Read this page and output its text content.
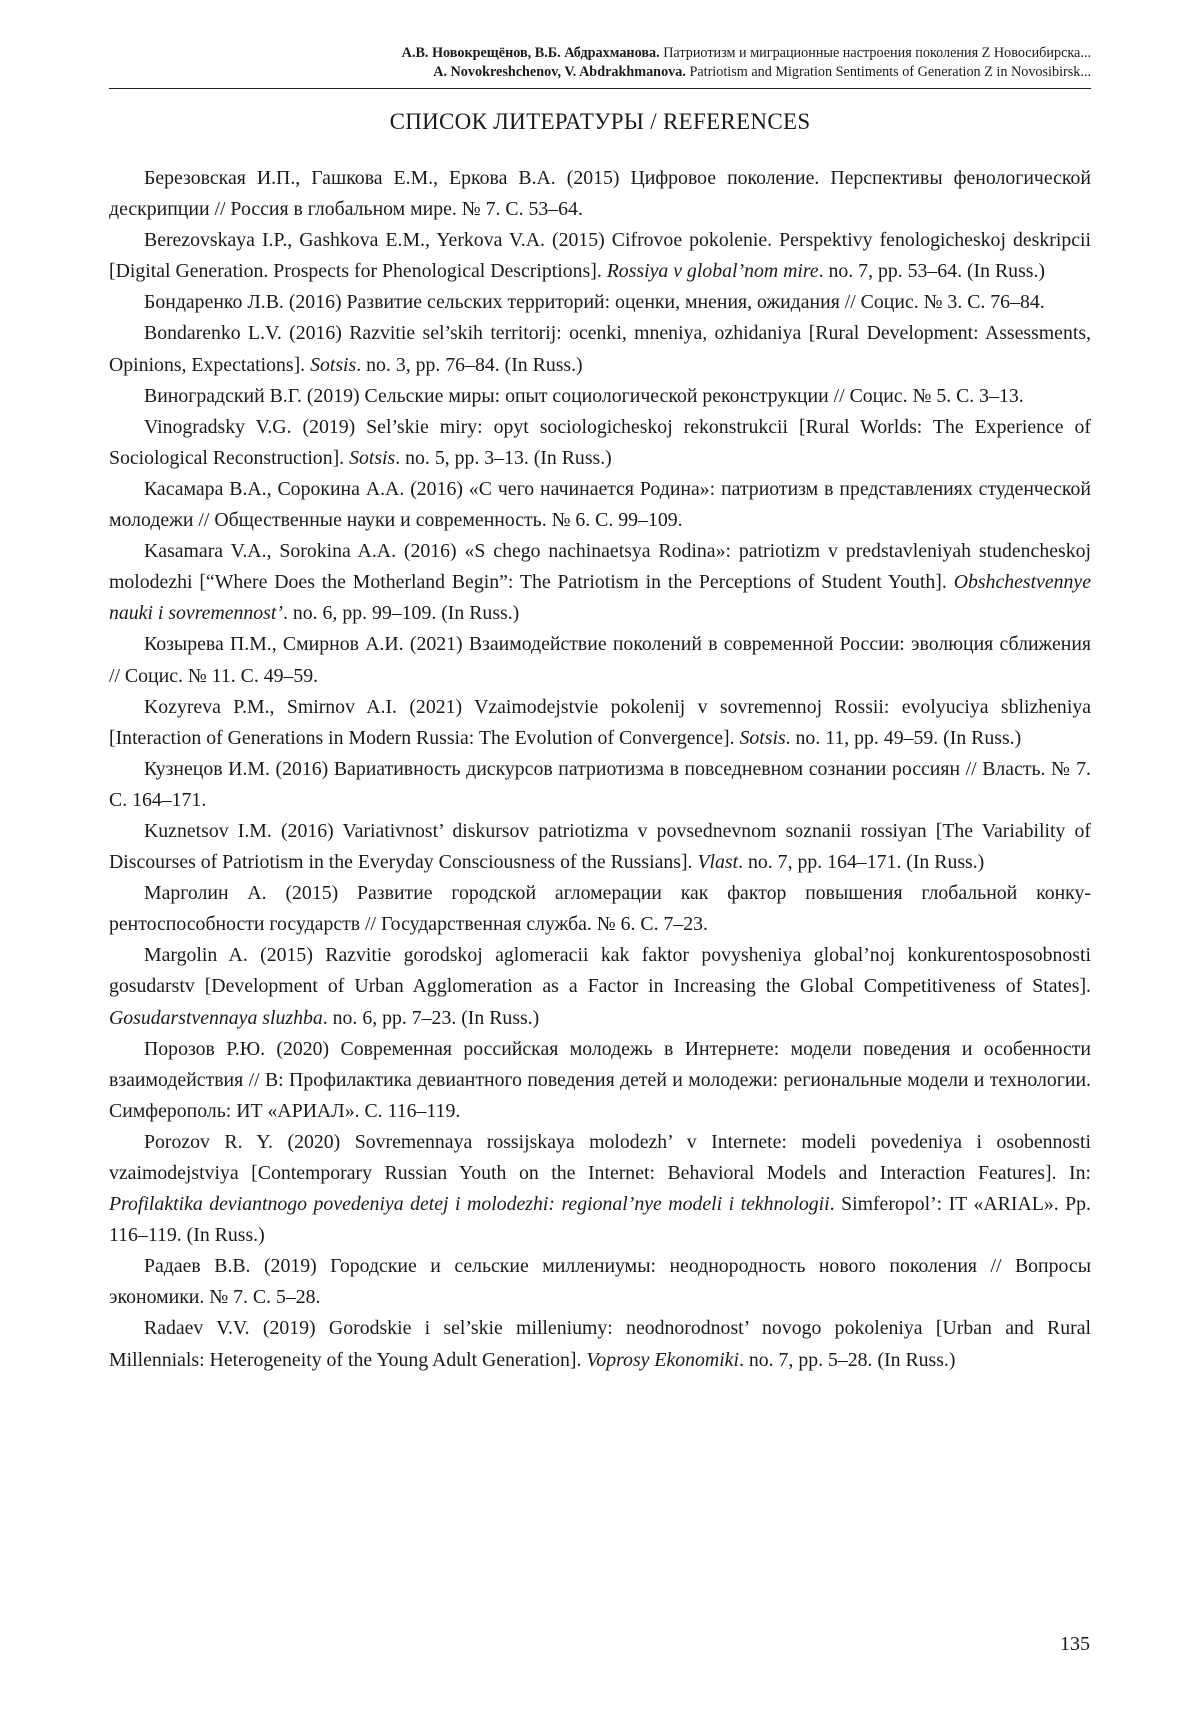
А.В. Новокрещёнов, В.Б. Абдрахманова. Патриотизм и миграционные настроения поколения Z Новосибирска...
A. Novokreshchenov, V. Abdrakhmanova. Patriotism and Migration Sentiments of Generation Z in Novosibirsk...
СПИСОК ЛИТЕРАТУРЫ / REFERENCES

Березовская И.П., Гашкова Е.М., Еркова В.А. (2015) Цифровое поколение. Перспективы фенологической дескрипции // Россия в глобальном мире. № 7. С. 53–64.

Berezovskaya I.P., Gashkova E.M., Yerkova V.A. (2015) Cifrovoe pokolenie. Perspektivy fenologicheskoj deskripcii [Digital Generation. Prospects for Phenological Descriptions]. Rossiya v global’nom mire. no. 7, pp. 53–64. (In Russ.)

Бондаренко Л.В. (2016) Развитие сельских территорий: оценки, мнения, ожидания // Социс. № 3. С. 76–84.

Bondarenko L.V. (2016) Razvitie sel’skih territorij: ocenki, mneniya, ozhidaniya [Rural Development: Assessments, Opinions, Expectations]. Sotsis. no. 3, pp. 76–84. (In Russ.)

Виноградский В.Г. (2019) Сельские миры: опыт социологической реконструкции // Социс. № 5. С. 3–13.

Vinogradsky V.G. (2019) Sel’skie miry: opyt sociologicheskoj rekonstrukcii [Rural Worlds: The Experience of Sociological Reconstruction]. Sotsis. no. 5, pp. 3–13. (In Russ.)

Касамара В.А., Сорокина А.А. (2016) «С чего начинается Родина»: патриотизм в представлениях студенческой молодежи // Общественные науки и современность. № 6. С. 99–109.

Kasamara V.A., Sorokina A.A. (2016) «S chego nachinaetsya Rodina»: patriotizm v predstavleniyah studencheskoj molodezhi [“Where Does the Motherland Begin”: The Patriotism in the Perceptions of Student Youth]. Obshchestvennye nauki i sovremennost’. no. 6, pp. 99–109. (In Russ.)

Козырева П.М., Смирнов А.И. (2021) Взаимодействие поколений в современной России: эволюция сближения // Социс. № 11. С. 49–59.

Kozyreva P.M., Smirnov A.I. (2021) Vzaimodejstvie pokolenij v sovremennoj Rossii: evolyuciya sblizheniya [Interaction of Generations in Modern Russia: The Evolution of Convergence]. Sotsis. no. 11, pp. 49–59. (In Russ.)

Кузнецов И.М. (2016) Вариативность дискурсов патриотизма в повседневном сознании россиян // Власть. № 7. С. 164–171.

Kuznetsov I.M. (2016) Variativnost’ diskursov patriotizma v povsednevnom soznanii rossiyan [The Variability of Discourses of Patriotism in the Everyday Consciousness of the Russians]. Vlast. no. 7, pp. 164–171. (In Russ.)

Марголин А. (2015) Развитие городской агломерации как фактор повышения глобальной конкурентоспособности государств // Государственная служба. № 6. С. 7–23.

Margolin A. (2015) Razvitie gorodskoj aglomeracii kak faktor povysheniya global’noj konkurentosposobnosti gosudarstv [Development of Urban Agglomeration as a Factor in Increasing the Global Competitiveness of States]. Gosudarstvennaya sluzhba. no. 6, pp. 7–23. (In Russ.)

Порозов Р.Ю. (2020) Современная российская молодежь в Интернете: модели поведения и особенности взаимодействия // В: Профилактика девиантного поведения детей и молодежи: региональные модели и технологии. Симферополь: ИТ «АРИАЛ». С. 116–119.

Porozov R. Y. (2020) Sovremennaya rossijskaya molodezh’ v Internete: modeli povedeniya i osobennosti vzaimodejstviya [Contemporary Russian Youth on the Internet: Behavioral Models and Interaction Features]. In: Profilaktika deviantnogo povedeniya detej i molodezhi: regional’nye modeli i tekhnologii. Simferopol’: IT «ARIAL». Pp. 116–119. (In Russ.)

Радаев В.В. (2019) Городские и сельские миллениумы: неоднородность нового поколения // Вопросы экономики. № 7. С. 5–28.

Radaev V.V. (2019) Gorodskie i sel’skie milleniumy: neodnorodnost’ novogo pokoleniya [Urban and Rural Millennials: Heterogeneity of the Young Adult Generation]. Voprosy Ekonomiki. no. 7, pp. 5–28. (In Russ.)

135
